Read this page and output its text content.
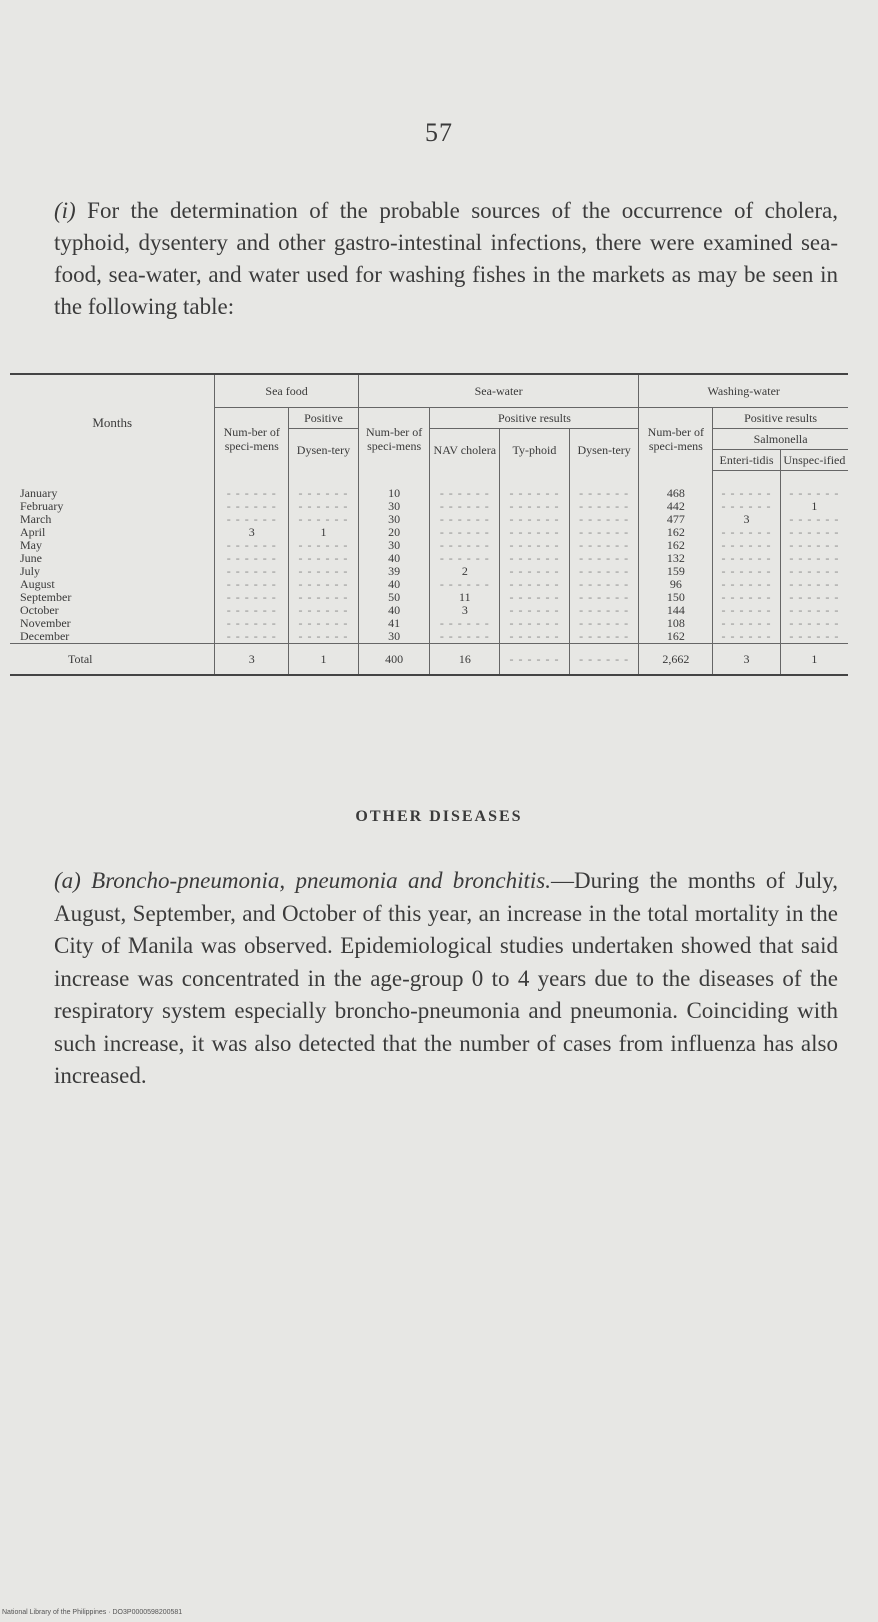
57

(i) For the determination of the probable sources of the occurrence of cholera, typhoid, dysentery and other gastro-intestinal infections, there were examined sea-food, sea-water, and water used for washing fishes in the markets as may be seen in the following table:

Months	Sea food		Sea-water				Washing-water		
	Num-ber of speci-mens	Positive	Num-ber of speci-mens	Positive results			Num-ber of speci-mens	Positive results	
		Dysen-tery		NAV cholera	Ty-phoid	Dysen-tery		Salmonella	
								Enteri-tidis	Unspec-ified
January	- - - - - -	- - - - - -	10	- - - - - -	- - - - - -	- - - - - -	468	- - - - - -	- - - - - -
February	- - - - - -	- - - - - -	30	- - - - - -	- - - - - -	- - - - - -	442	- - - - - -	1
March	- - - - - -	- - - - - -	30	- - - - - -	- - - - - -	- - - - - -	477	3	- - - - - -
April	3	1	20	- - - - - -	- - - - - -	- - - - - -	162	- - - - - -	- - - - - -
May	- - - - - -	- - - - - -	30	- - - - - -	- - - - - -	- - - - - -	162	- - - - - -	- - - - - -
June	- - - - - -	- - - - - -	40	- - - - - -	- - - - - -	- - - - - -	132	- - - - - -	- - - - - -
July	- - - - - -	- - - - - -	39	2	- - - - - -	- - - - - -	159	- - - - - -	- - - - - -
August	- - - - - -	- - - - - -	40	- - - - - -	- - - - - -	- - - - - -	96	- - - - - -	- - - - - -
September	- - - - - -	- - - - - -	50	11	- - - - - -	- - - - - -	150	- - - - - -	- - - - - -
October	- - - - - -	- - - - - -	40	3	- - - - - -	- - - - - -	144	- - - - - -	- - - - - -
November	- - - - - -	- - - - - -	41	- - - - - -	- - - - - -	- - - - - -	108	- - - - - -	- - - - - -
December	- - - - - -	- - - - - -	30	- - - - - -	- - - - - -	- - - - - -	162	- - - - - -	- - - - - -
Total	3	1	400	16	- - - - - -	- - - - - -	2,662	3	1
OTHER DISEASES

(a) Broncho-pneumonia, pneumonia and bronchitis.—During the months of July, August, September, and October of this year, an increase in the total mortality in the City of Manila was observed. Epidemiological studies undertaken showed that said increase was concentrated in the age-group 0 to 4 years due to the diseases of the respiratory system especially broncho-pneumonia and pneumonia. Coinciding with such increase, it was also detected that the number of cases from influenza has also increased.

National Library of the Philippines · DO3P0000598200581
